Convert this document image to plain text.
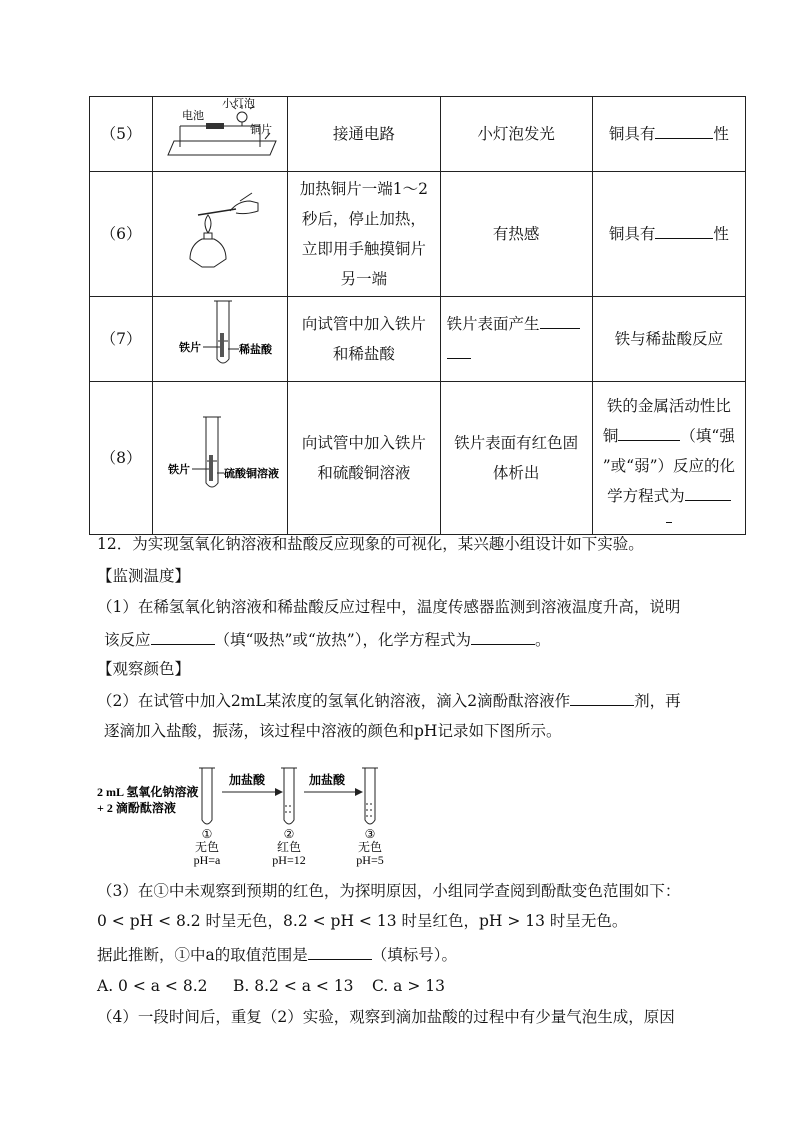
（5）	电池
小灯泡
铜片	接通电路	小灯泡发光	铜具有 性
（6）		加热铜片一端1～2
秒后，停止加热，
立即用手触摸铜片
另一端	有热感	铜具有 性
（7）	铁片 稀盐酸	向试管中加入铁片
和稀盐酸	铁片表面产生	铁与稀盐酸反应
（8）	铁片 硫酸铜溶液	向试管中加入铁片
和硫酸铜溶液	铁片表面有红色固
体析出	铁的金属活动性比
铜 （填“强
”或“弱”）反应的化
学方程式为
12．为实现氢氧化钠溶液和盐酸反应现象的可视化，某兴趣小组设计如下实验。
【监测温度】
（1）在稀氢氧化钠溶液和稀盐酸反应过程中，温度传感器监测到溶液温度升高，说明
该反应	（填“吸热”或“放热”），化学方程式为	。
【观察颜色】
（2）在试管中加入2mL某浓度的氢氧化钠溶液，滴入2滴酚酞溶液作	剂，再
逐滴加入盐酸，振荡，该过程中溶液的颜色和pH记录如下图所示。
2 mL 氢氧化钠溶液
+ 2 滴酚酞溶液
加盐酸	加盐酸
①
无色
pH=a
②
红色
pH=12
③
无色
pH=5
（3）在①中未观察到预期的红色，为探明原因，小组同学查阅到酚酞变色范围如下：
0 < pH < 8.2 时呈无色，8.2 < pH < 13 时呈红色，pH > 13 时呈无色。
据此推断，①中a的取值范围是	（填标号）。
A. 0 < a < 8.2 B. 8.2 < a < 13 C. a > 13
（4）一段时间后，重复（2）实验，观察到滴加盐酸的过程中有少量气泡生成，原因
